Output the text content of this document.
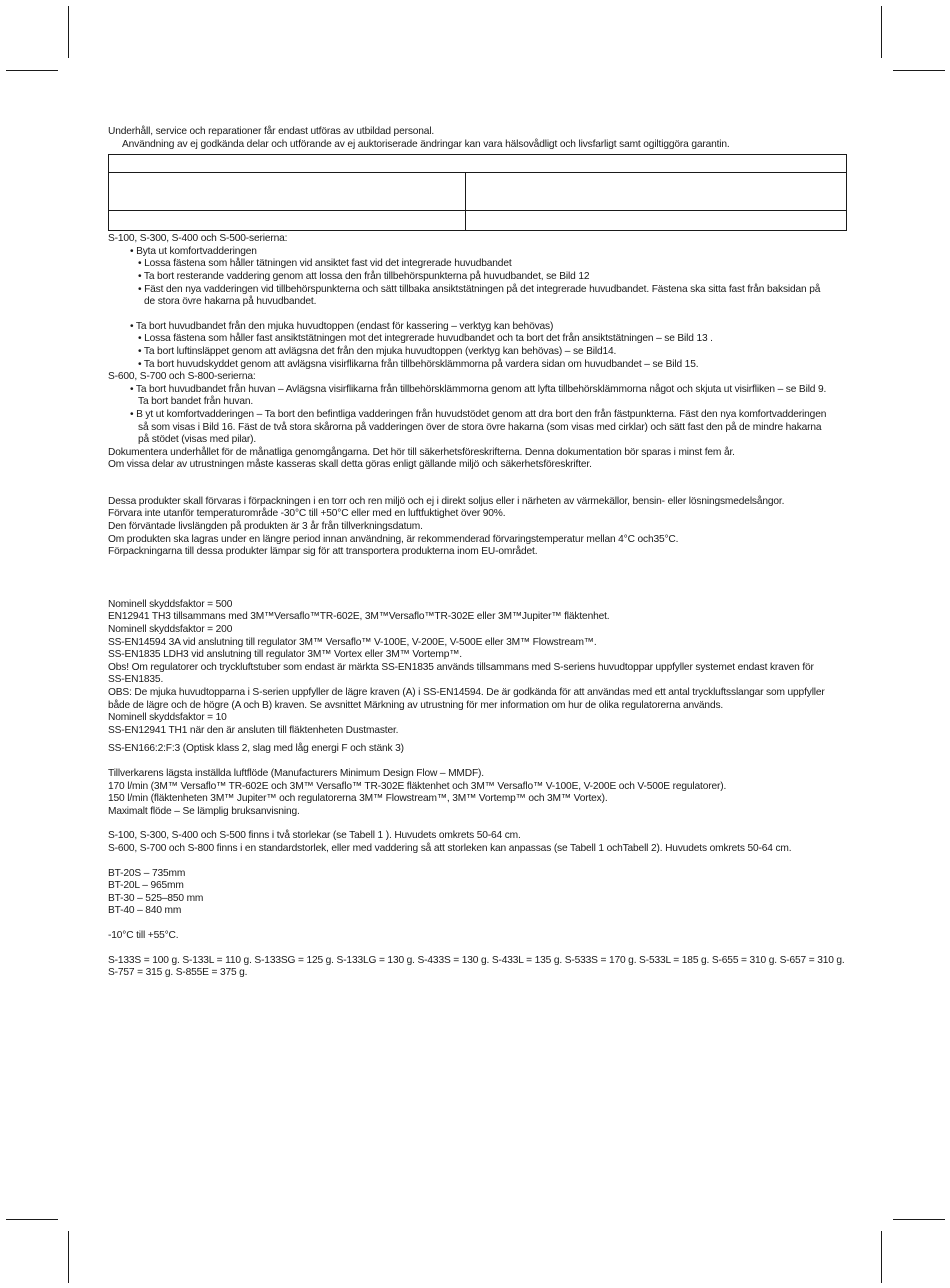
Underhåll, service och reparationer får endast utföras av utbildad personal.
Användning av ej godkända delar och utförande av ej auktoriserade ändringar kan vara hälsovådligt och livsfarligt samt ogiltiggöra garantin.

S-100, S-300, S-400 och S-500-serierna:
• Byta ut komfortvadderingen
• Lossa fästena som håller tätningen vid ansiktet fast vid det integrerade huvudbandet
• Ta bort resterande vaddering genom att lossa den från tillbehörspunkterna på huvudbandet, se Bild 12
• Fäst den nya vadderingen vid tillbehörspunkterna och sätt tillbaka ansiktstätningen på det integrerade huvudbandet. Fästena ska sitta fast från baksidan på
de stora övre hakarna på huvudbandet.
• Ta bort huvudbandet från den mjuka huvudtoppen (endast för kassering – verktyg kan behövas)
• Lossa fästena som håller fast ansiktstätningen mot det integrerade huvudbandet och ta bort det från ansiktstätningen – se Bild 13 .
• Ta bort luftinsläppet genom att avlägsna det från den mjuka huvudtoppen (verktyg kan behövas) – se Bild14.
• Ta bort huvudskyddet genom att avlägsna visirflikarna från tillbehörsklämmorna på vardera sidan om huvudbandet – se Bild 15.
S-600, S-700 och S-800-serierna:
• Ta bort huvudbandet från huvan – Avlägsna visirflikarna från tillbehörsklämmorna genom att lyfta tillbehörsklämmorna något och skjuta ut visirfliken – se Bild 9.
Ta bort bandet från huvan.
• B yt ut komfortvadderingen – Ta bort den befintliga vadderingen från huvudstödet genom att dra bort den från fästpunkterna. Fäst den nya komfortvadderingen
så som visas i Bild 16. Fäst de två stora skårorna på vadderingen över de stora övre hakarna (som visas med cirklar) och sätt fast den på de mindre hakarna
på stödet (visas med pilar).
Dokumentera underhållet för de månatliga genomgångarna. Det hör till säkerhetsföreskrifterna. Denna dokumentation bör sparas i minst fem år.
Om vissa delar av utrustningen måste kasseras skall detta göras enligt gällande miljö och säkerhetsföreskrifter.
Dessa produkter skall förvaras i förpackningen i en torr och ren miljö och ej i direkt soljus eller i närheten av värmekällor, bensin- eller lösningsmedelsångor.
Förvara inte utanför temperaturområde -30°C till +50°C eller med en luftfuktighet över 90%.
Den förväntade livslängden på produkten är 3 år från tillverkningsdatum.
Om produkten ska lagras under en längre period innan användning, är rekommenderad förvaringstemperatur mellan 4°C och35°C.
Förpackningarna till dessa produkter lämpar sig för att transportera produkterna inom EU-området.
Nominell skyddsfaktor = 500
EN12941 TH3 tillsammans med 3M™Versaflo™TR-602E, 3M™Versaflo™TR-302E eller 3M™Jupiter™ fläktenhet.
Nominell skyddsfaktor = 200
SS-EN14594 3A vid anslutning till regulator 3M™ Versaflo™ V-100E, V-200E, V-500E eller 3M™ Flowstream™.
SS-EN1835 LDH3 vid anslutning till regulator 3M™ Vortex eller 3M™ Vortemp™.
Obs! Om regulatorer och tryckluftstuber som endast är märkta SS-EN1835 används tillsammans med S-seriens huvudtoppar uppfyller systemet endast kraven för
SS-EN1835.
OBS: De mjuka huvudtopparna i S-serien uppfyller de lägre kraven (A) i SS-EN14594. De är godkända för att användas med ett antal tryckluftsslangar som uppfyller
både de lägre och de högre (A och B) kraven. Se avsnittet Märkning av utrustning för mer information om hur de olika regulatorerna används.
Nominell skyddsfaktor = 10
SS-EN12941 TH1 när den är ansluten till fläktenheten Dustmaster.
SS-EN166:2:F:3 (Optisk klass 2, slag med låg energi F och stänk 3)
Tillverkarens lägsta inställda luftflöde (Manufacturers Minimum Design Flow – MMDF).
170 l/min (3M™ Versaflo™ TR-602E och 3M™ Versaflo™ TR-302E fläktenhet och 3M™ Versaflo™ V-100E, V-200E och V-500E regulatorer).
150 l/min (fläktenheten 3M™ Jupiter™ och regulatorerna 3M™ Flowstream™, 3M™ Vortemp™ och 3M™ Vortex).
Maximalt flöde – Se lämplig bruksanvisning.
S-100, S-300, S-400 och S-500 finns i två storlekar (se Tabell 1 ). Huvudets omkrets 50-64 cm.
S-600, S-700 och S-800 finns i en standardstorlek, eller med vaddering så att storleken kan anpassas (se Tabell 1 ochTabell 2). Huvudets omkrets 50-64 cm.
BT-20S – 735mm
BT-20L – 965mm
BT-30 – 525–850 mm
BT-40 – 840 mm
-10°C till +55°C.
S-133S = 100 g. S-133L = 110 g. S-133SG = 125 g. S-133LG = 130 g. S-433S = 130 g. S-433L = 135 g. S-533S = 170 g. S-533L = 185 g. S-655 = 310 g. S-657 = 310 g.
S-757 = 315 g. S-855E = 375 g.
